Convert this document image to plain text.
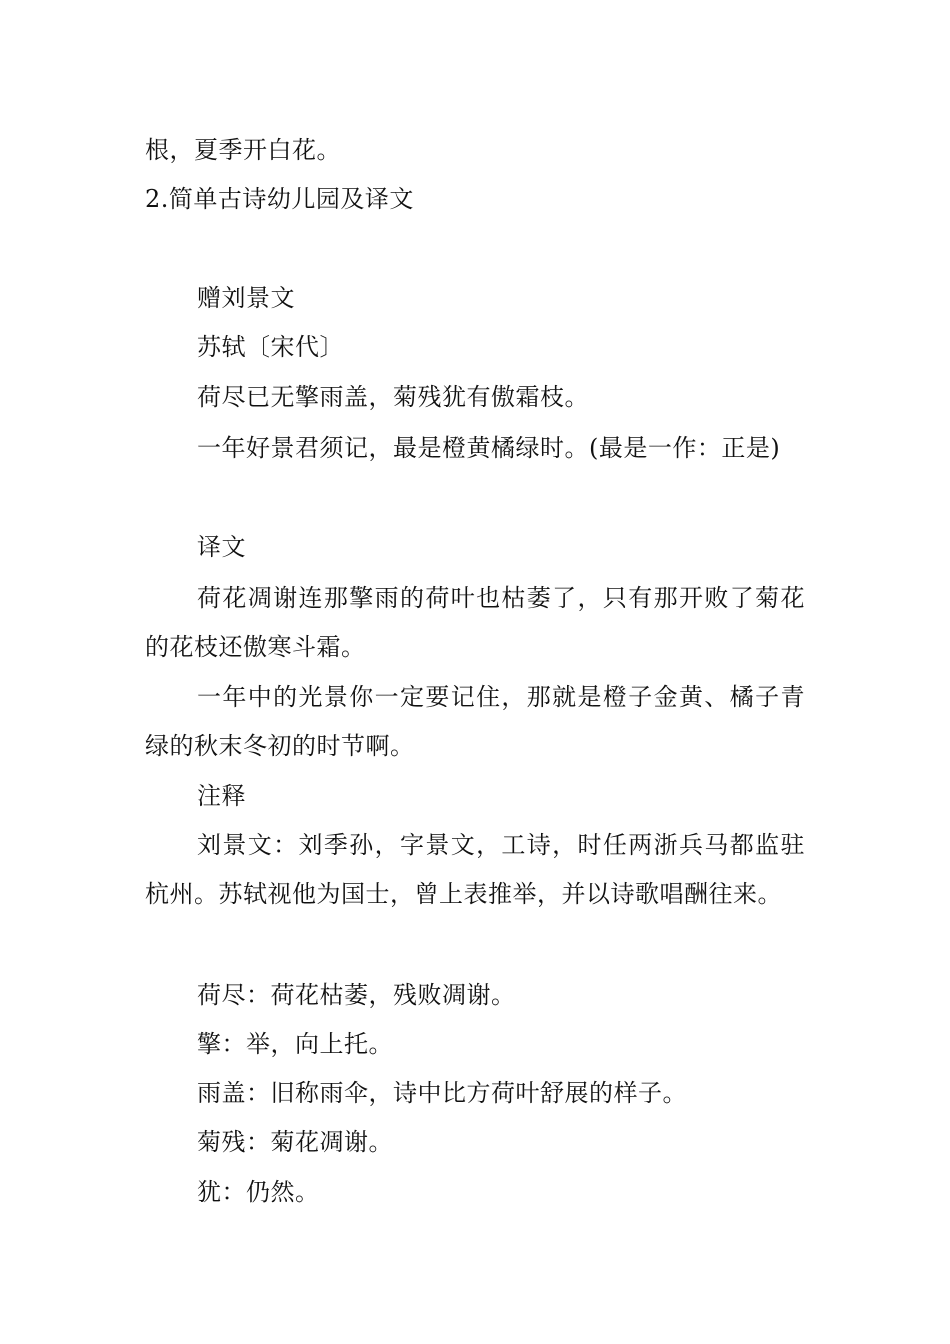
根，夏季开白花。

2.简单古诗幼儿园及译文

赠刘景文

苏轼〔宋代〕

荷尽已无擎雨盖，菊残犹有傲霜枝。

一年好景君须记，最是橙黄橘绿时。(最是一作：正是)

译文

荷花凋谢连那擎雨的荷叶也枯萎了，只有那开败了菊花的花枝还傲寒斗霜。

一年中的光景你一定要记住，那就是橙子金黄、橘子青绿的秋末冬初的时节啊。

注释

刘景文：刘季孙，字景文，工诗，时任两浙兵马都监驻杭州。苏轼视他为国士，曾上表推举，并以诗歌唱酬往来。

荷尽：荷花枯萎，残败凋谢。

擎：举，向上托。

雨盖：旧称雨伞，诗中比方荷叶舒展的样子。

菊残：菊花凋谢。

犹：仍然。
